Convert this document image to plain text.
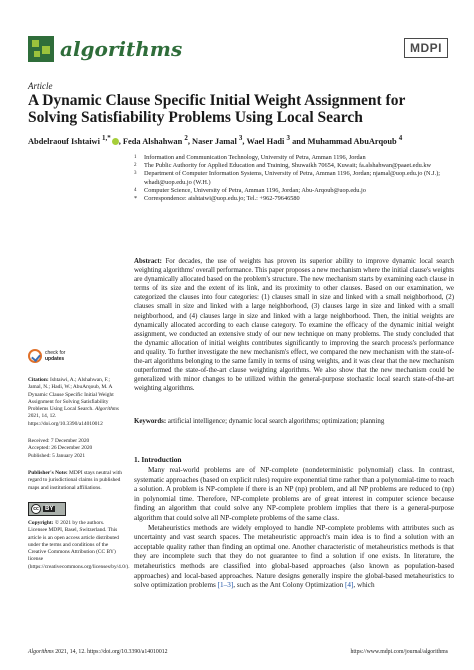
algorithms	MDPI
Article
A Dynamic Clause Specific Initial Weight Assignment for Solving Satisfiability Problems Using Local Search
Abdelraouf Ishtaiwi $^{1,*}$ , Feda Alshahwan $^2$, Naser Jamal $^3$, Wael Hadi $^3$ and Muhammad AbuArqoub $^4$
1	Information and Communication Technology, University of Petra, Amman 1196, Jordan
2	The Public Authority for Applied Education and Training, Shuwaikh 70654, Kuwait; fa.alshahwan@paaet.edu.kw
3	Department of Computer Information Systems, University of Petra, Amman 1196, Jordan; njamal@uop.edu.jo (N.J.); whadi@uop.edu.jo (W.H.)
4	Computer Science, University of Petra, Amman 1196, Jordan; Abu-Arqoub@uop.edu.jo
*	Correspondence: aishtaiwi@uop.edu.jo; Tel.: +962-79646580
Abstract: For decades, the use of weights has proven its superior ability to improve dynamic local search weighting algorithms' overall performance. This paper proposes a new mechanism where the initial clause's weights are dynamically allocated based on the problem's structure. The new mechanism starts by examining each clause in terms of its size and the extent of its link, and its proximity to other clauses. Based on our examination, we categorized the clauses into four categories: (1) clauses small in size and linked with a small neighborhood, (2) clauses small in size and linked with a large neighborhood, (3) clauses large in size and linked with a small neighborhood, and (4) clauses large in size and linked with a large neighborhood. Then, the initial weights are dynamically allocated according to each clause category. To examine the efficacy of the dynamic initial weight assignment, we conducted an extensive study of our new technique on many problems. The study concluded that the dynamic allocation of initial weights contributes significantly to improving the search process's performance and quality. To further investigate the new mechanism's effect, we compared the new mechanism with the state-of-the-art algorithms belonging to the same family in terms of using weights, and it was clear that the new mechanism outperformed the state-of-the-art clause weighting algorithms. We also show that the new mechanism could be generalized with minor changes to be utilized within the general-purpose stochastic local search state-of-the-art weighting algorithms.
Keywords: artificial intelligence; dynamic local search algorithms; optimization; planning
check for
updates
Citation: Ishtaiwi, A.; Alshahwan, F.; Jamal, N.; Hadi, W.; AbuArqoub, M. A Dynamic Clause Specific Initial Weight Assignment for Solving Satisfiability Problems Using Local Search. Algorithms 2021, 14, 12. https://doi.org/10.3390/a14010012
Received: 7 December 2020
Accepted: 26 December 2020
Published: 5 January 2021
Publisher's Note: MDPI stays neutral with regard to jurisdictional claims in published maps and institutional affiliations.
cc	BY
Copyright: © 2021 by the authors. Licensee MDPI, Basel, Switzerland. This article is an open access article distributed under the terms and conditions of the Creative Commons Attribution (CC BY) license (https://creativecommons.org/licenses/by/4.0/).
1. Introduction

Many real-world problems are of NP-complete (nondeterministic polynomial) class. In contrast, systematic approaches (based on explicit rules) require exponential time rather than a polynomial-time to reach a solution. A problem is NP-complete if there is an NP (np) problem, and all NP problems are reduced to (np) in polynomial time. Therefore, NP-complete problems are of great interest in computer science because finding an algorithm that could solve any NP-complete problem implies that there is a general-purpose algorithm that could solve all NP-complete problems of the same class.

Metaheuristics methods are widely employed to handle NP-complete problems with attributes such as uncertainty and vast search spaces. The metaheuristic approach's main idea is to find a solution with an acceptable quality rather than finding an optimal one. Another characteristic of metaheuristics methods is that they are incomplete such that they do not guarantee to find a solution if one exists. In literature, the metaheuristics methods are classified into global-based approaches (also known as population-based approaches) and local-based approaches. Nature designs generally inspire the global-based metaheuristics to solve optimization problems [1–3], such as the Ant Colony Optimization [4], which

Algorithms 2021, 14, 12. https://doi.org/10.3390/a14010012	https://www.mdpi.com/journal/algorithms
